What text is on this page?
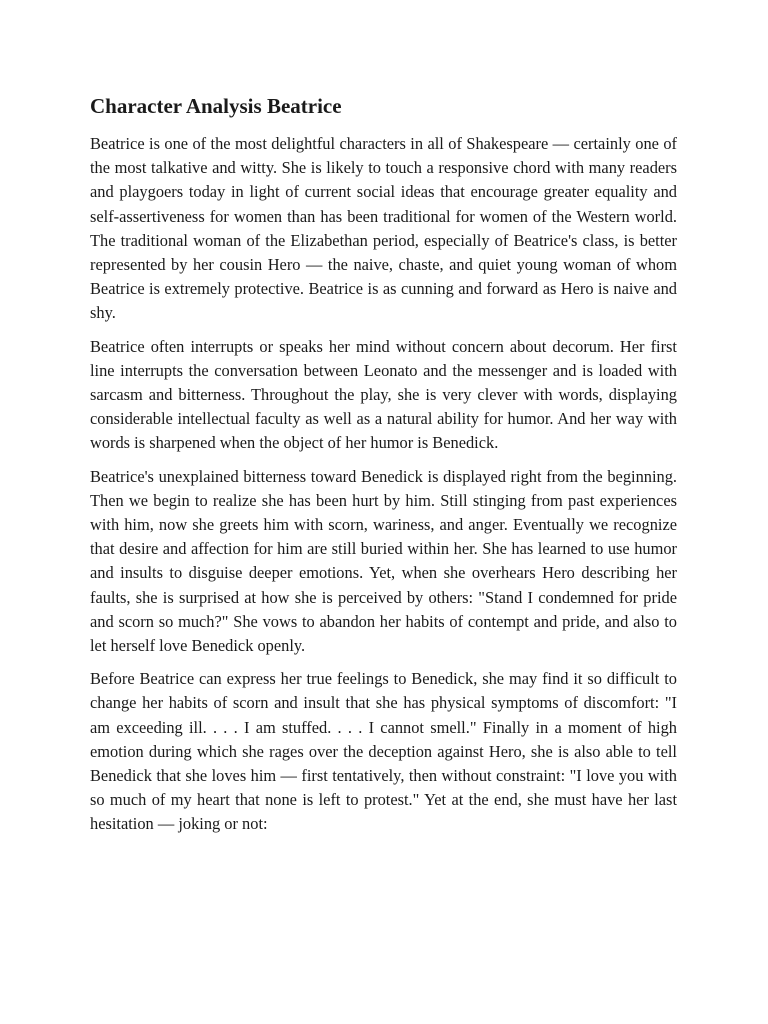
Character Analysis Beatrice

Beatrice is one of the most delightful characters in all of Shakespeare — certainly one of the most talkative and witty. She is likely to touch a responsive chord with many readers and playgoers today in light of current social ideas that encourage greater equality and self-assertiveness for women than has been traditional for women of the Western world. The traditional woman of the Elizabethan period, especially of Beatrice's class, is better represented by her cousin Hero — the naive, chaste, and quiet young woman of whom Beatrice is extremely protective. Beatrice is as cunning and forward as Hero is naive and shy.

Beatrice often interrupts or speaks her mind without concern about decorum. Her first line interrupts the conversation between Leonato and the messenger and is loaded with sarcasm and bitterness. Throughout the play, she is very clever with words, displaying considerable intellectual faculty as well as a natural ability for humor. And her way with words is sharpened when the object of her humor is Benedick.

Beatrice's unexplained bitterness toward Benedick is displayed right from the beginning. Then we begin to realize she has been hurt by him. Still stinging from past experiences with him, now she greets him with scorn, wariness, and anger. Eventually we recognize that desire and affection for him are still buried within her. She has learned to use humor and insults to disguise deeper emotions. Yet, when she overhears Hero describing her faults, she is surprised at how she is perceived by others: "Stand I condemned for pride and scorn so much?" She vows to abandon her habits of contempt and pride, and also to let herself love Benedick openly.

Before Beatrice can express her true feelings to Benedick, she may find it so difficult to change her habits of scorn and insult that she has physical symptoms of discomfort: "I am exceeding ill. . . . I am stuffed. . . . I cannot smell." Finally in a moment of high emotion during which she rages over the deception against Hero, she is also able to tell Benedick that she loves him — first tentatively, then without constraint: "I love you with so much of my heart that none is left to protest." Yet at the end, she must have her last hesitation — joking or not:
